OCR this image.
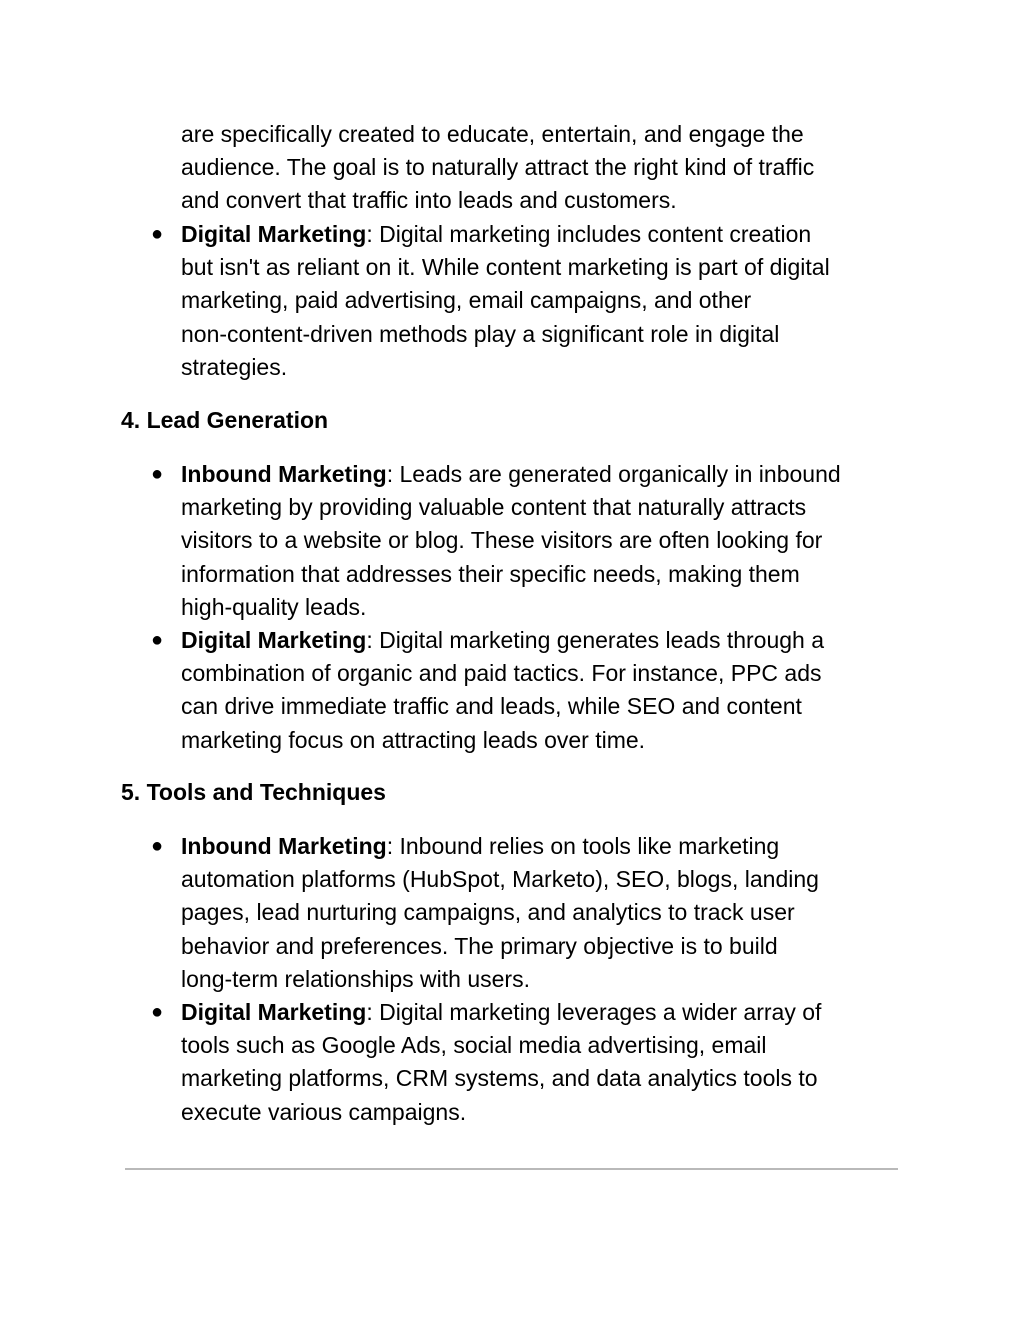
are specifically created to educate, entertain, and engage the
audience. The goal is to naturally attract the right kind of traffic
and convert that traffic into leads and customers.
● Digital Marketing: Digital marketing includes content creation
but isn't as reliant on it. While content marketing is part of digital
marketing, paid advertising, email campaigns, and other
non-content-driven methods play a significant role in digital
strategies.
4. Lead Generation
● Inbound Marketing: Leads are generated organically in inbound
marketing by providing valuable content that naturally attracts
visitors to a website or blog. These visitors are often looking for
information that addresses their specific needs, making them
high-quality leads.
● Digital Marketing: Digital marketing generates leads through a
combination of organic and paid tactics. For instance, PPC ads
can drive immediate traffic and leads, while SEO and content
marketing focus on attracting leads over time.
5. Tools and Techniques
● Inbound Marketing: Inbound relies on tools like marketing
automation platforms (HubSpot, Marketo), SEO, blogs, landing
pages, lead nurturing campaigns, and analytics to track user
behavior and preferences. The primary objective is to build
long-term relationships with users.
● Digital Marketing: Digital marketing leverages a wider array of
tools such as Google Ads, social media advertising, email
marketing platforms, CRM systems, and data analytics tools to
execute various campaigns.
